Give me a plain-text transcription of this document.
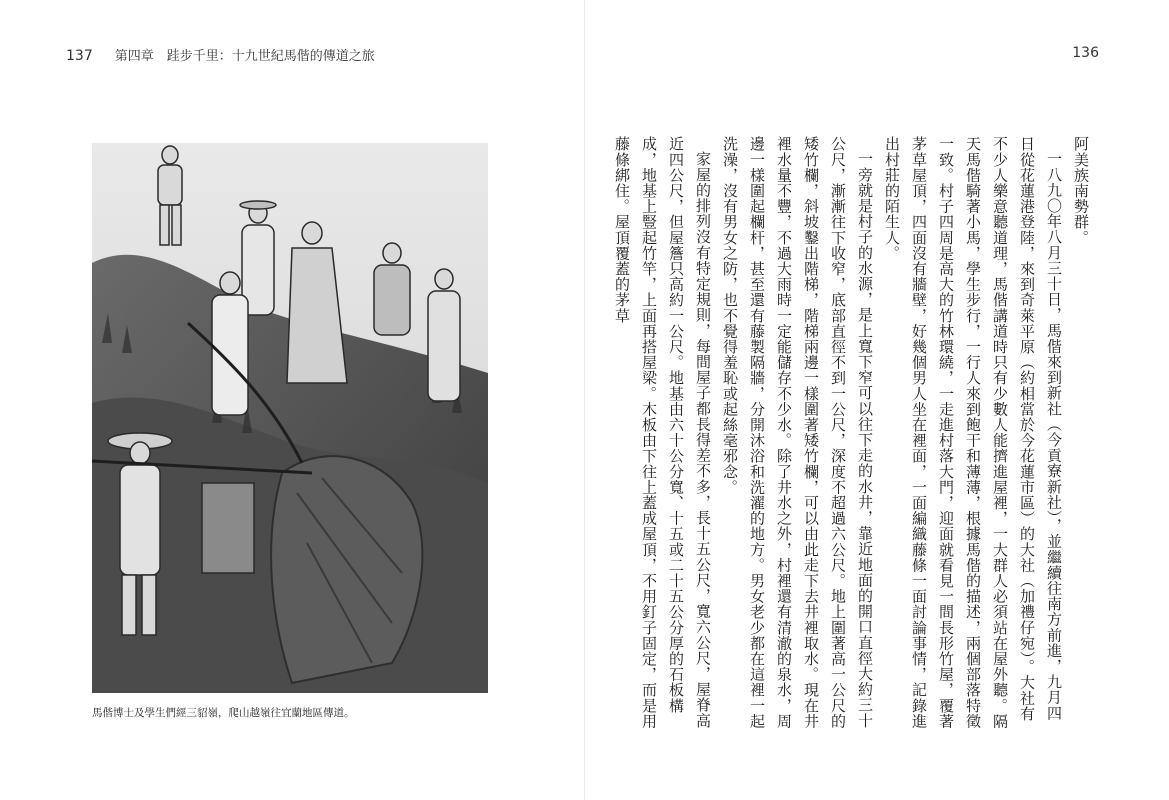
137 第四章　跬步千里：十九世紀馬偕的傳道之旅
馬偕博士及學生們經三貂嶺，爬山越嶺往宜蘭地區傳道。
136

阿美族南勢群。

一八九〇年八月三十日，馬偕來到新社（今貢寮新社），並繼續往南方前進，九月四日從花蓮港登陸，來到奇萊平原（約相當於今花蓮市區）的大社（加禮仔宛）。大社有不少人樂意聽道理，馬偕講道時只有少數人能擠進屋裡，一大群人必須站在屋外聽。隔天馬偕騎著小馬，學生步行，一行人來到飽干和薄薄，根據馬偕的描述，兩個部落特徵一致。村子四周是高大的竹林環繞，一走進村落大門，迎面就看見一間長形竹屋，覆著茅草屋頂，四面沒有牆壁，好幾個男人坐在裡面，一面編織藤條一面討論事情，記錄進出村莊的陌生人。

一旁就是村子的水源，是上寬下窄可以往下走的水井，靠近地面的開口直徑大約三十公尺，漸漸往下收窄，底部直徑不到一公尺，深度不超過六公尺。地上圍著高一公尺的矮竹欄，斜坡鑿出階梯，階梯兩邊一樣圍著矮竹欄，可以由此走下去井裡取水。現在井裡水量不豐，不過大雨時一定能儲存不少水。除了井水之外，村裡還有清澈的泉水，周邊一樣圍起欄杆，甚至還有藤製隔牆，分開沐浴和洗濯的地方。男女老少都在這裡一起洗澡，沒有男女之防，也不覺得羞恥或起絲毫邪念。

家屋的排列沒有特定規則，每間屋子都長得差不多，長十五公尺，寬六公尺，屋脊高近四公尺，但屋簷只高約一公尺。地基由六十公分寬、十五或二十五公分厚的石板構成，地基上豎起竹竿，上面再搭屋梁。木板由下往上蓋成屋頂，不用釘子固定，而是用藤條綁住。屋頂覆蓋的茅草
